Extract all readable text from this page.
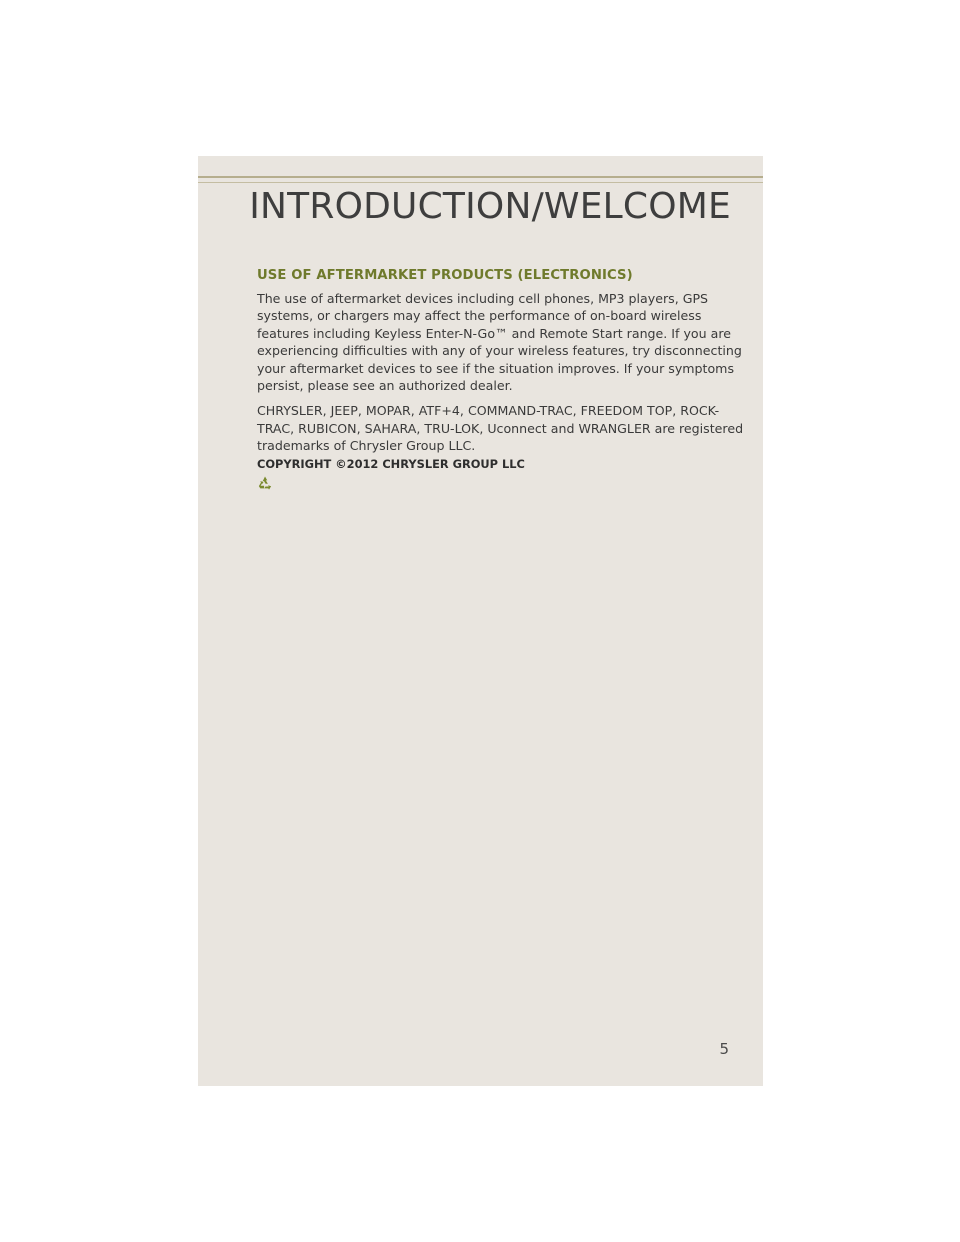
INTRODUCTION/WELCOME
USE OF AFTERMARKET PRODUCTS (ELECTRONICS)

The use of aftermarket devices including cell phones, MP3 players, GPS systems, or chargers may affect the performance of on-board wireless features including Keyless Enter-N-Go™ and Remote Start range. If you are experiencing difficulties with any of your wireless features, try disconnecting your aftermarket devices to see if the situation improves. If your symptoms persist, please see an authorized dealer.

CHRYSLER, JEEP, MOPAR, ATF+4, COMMAND-TRAC, FREEDOM TOP, ROCK-TRAC, RUBICON, SAHARA, TRU-LOK, Uconnect and WRANGLER are registered trademarks of Chrysler Group LLC.

COPYRIGHT ©2012 CHRYSLER GROUP LLC

5
